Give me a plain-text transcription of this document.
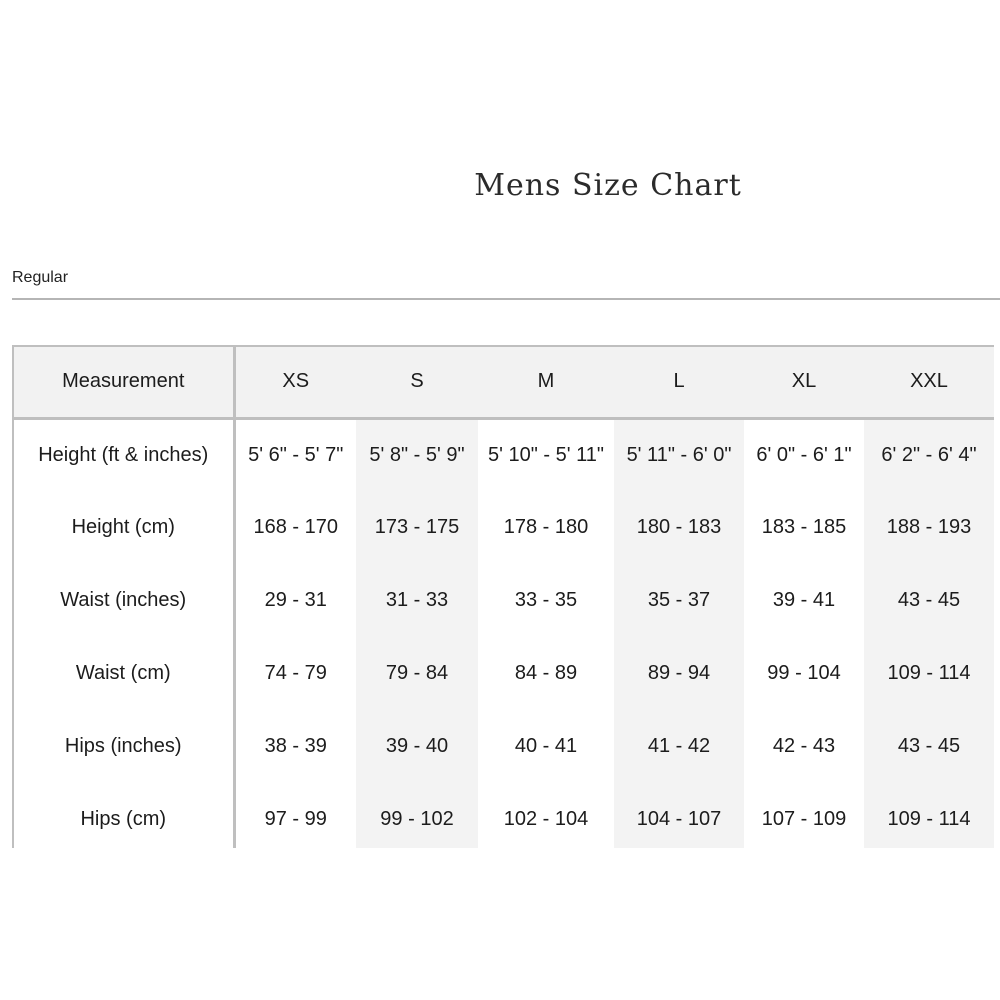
Mens Size Chart
Regular
Measurement	XS	S	M	L	XL	XXL
Height (ft & inches)	5' 6" - 5' 7"	5' 8" - 5' 9"	5' 10" - 5' 11"	5' 11" - 6' 0"	6' 0" - 6' 1"	6' 2" - 6' 4"
Height (cm)	168 - 170	173 - 175	178 - 180	180 - 183	183 - 185	188 - 193
Waist (inches)	29 - 31	31 - 33	33 - 35	35 - 37	39 - 41	43 - 45
Waist (cm)	74 - 79	79 - 84	84 - 89	89 - 94	99 - 104	109 - 114
Hips (inches)	38 - 39	39 - 40	40 - 41	41 - 42	42 - 43	43 - 45
Hips (cm)	97 - 99	99 - 102	102 - 104	104 - 107	107 - 109	109 - 114
